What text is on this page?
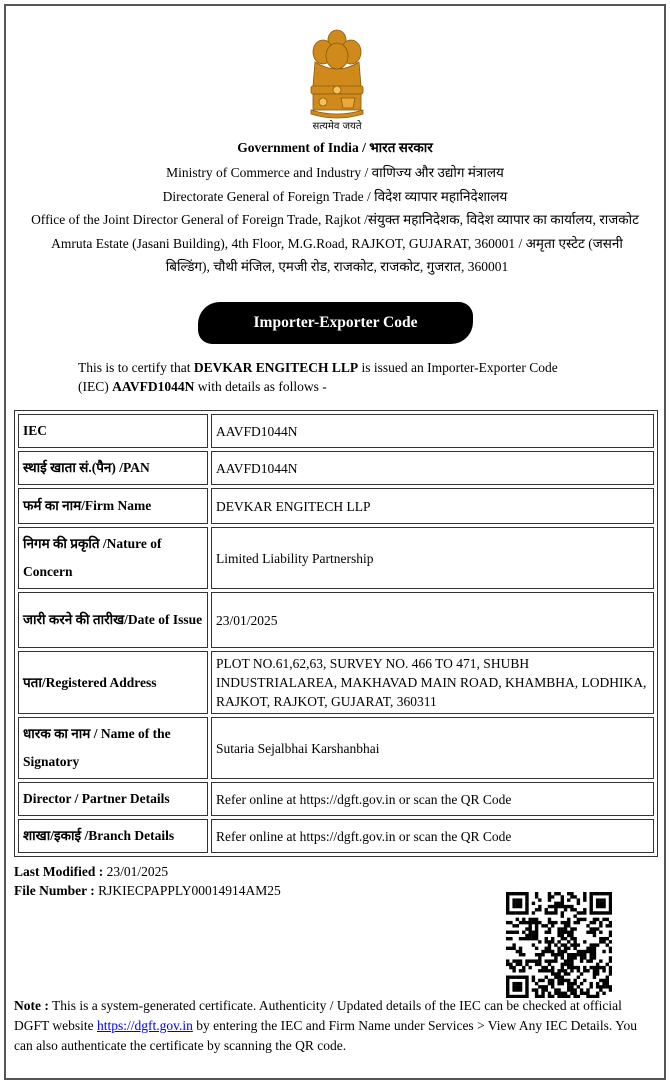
सत्यमेव जयते
Government of India / भारत सरकार
Ministry of Commerce and Industry / वाणिज्य और उद्योग मंत्रालय
Directorate General of Foreign Trade / विदेश व्यापार महानिदेशालय
Office of the Joint Director General of Foreign Trade, Rajkot /संयुक्त महानिदेशक, विदेश व्यापार का कार्यालय, राजकोट
Amruta Estate (Jasani Building), 4th Floor, M.G.Road, RAJKOT, GUJARAT, 360001 / अमृता एस्टेट (जसनी
बिल्डिंग), चौथी मंजिल, एमजी रोड, राजकोट, राजकोट, गुजरात, 360001
Importer-Exporter Code
This is to certify that DEVKAR ENGITECH LLP is issued an Importer-Exporter Code (IEC) AAVFD1044N with details as follows -
IEC	AAVFD1044N
स्थाई खाता सं.(पैन) /PAN	AAVFD1044N
फर्म का नाम/Firm Name	DEVKAR ENGITECH LLP
निगम की प्रकृति /Nature of Concern	Limited Liability Partnership
जारी करने की तारीख/Date of Issue	23/01/2025
पता/Registered Address	PLOT NO.61,62,63, SURVEY NO. 466 TO 471, SHUBH INDUSTRIALAREA, MAKHAVAD MAIN ROAD, KHAMBHA, LODHIKA, RAJKOT, RAJKOT, GUJARAT, 360311
धारक का नाम / Name of the Signatory	Sutaria Sejalbhai Karshanbhai
Director / Partner Details	Refer online at https://dgft.gov.in or scan the QR Code
शाखा/इकाई /Branch Details	Refer online at https://dgft.gov.in or scan the QR Code
Last Modified : 23/01/2025
File Number : RJKIECPAPPLY00014914AM25
Note : This is a system-generated certificate. Authenticity / Updated details of the IEC can be checked at official DGFT website https://dgft.gov.in by entering the IEC and Firm Name under Services > View Any IEC Details. You can also authenticate the certificate by scanning the QR code.
